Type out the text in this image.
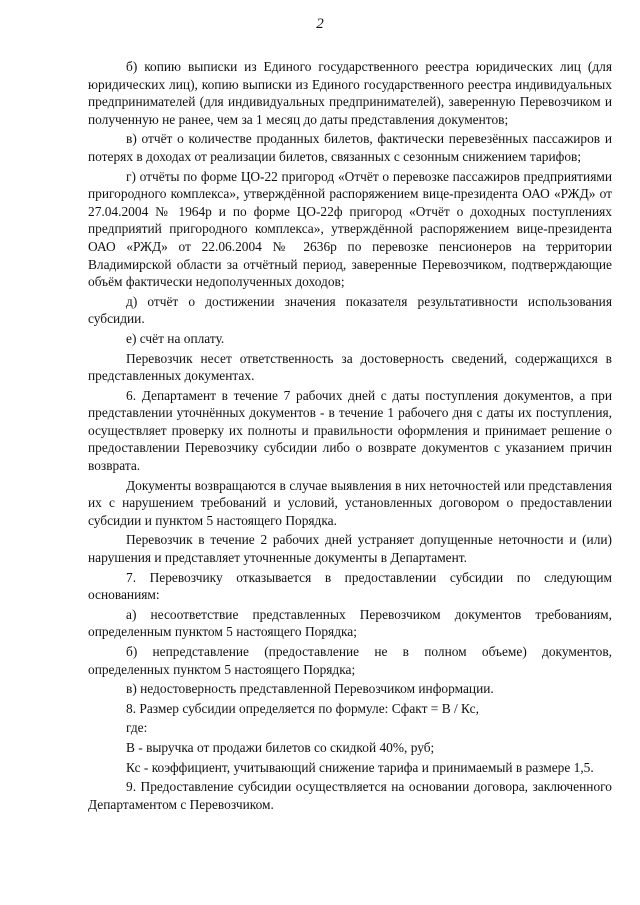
2

б) копию выписки из Единого государственного реестра юридических лиц (для юридических лиц), копию выписки из Единого государственного реестра индивидуальных предпринимателей (для индивидуальных предпринимателей), заверенную Перевозчиком и полученную не ранее, чем за 1 месяц до даты представления документов;

в) отчёт о количестве проданных билетов, фактически перевезённых пассажиров и потерях в доходах от реализации билетов, связанных с сезонным снижением тарифов;

г) отчёты по форме ЦО-22 пригород «Отчёт о перевозке пассажиров предприятиями пригородного комплекса», утверждённой распоряжением вице-президента ОАО «РЖД» от 27.04.2004 № 1964р и по форме ЦО-22ф пригород «Отчёт о доходных поступлениях предприятий пригородного комплекса», утверждённой распоряжением вице-президента ОАО «РЖД» от 22.06.2004 № 2636р по перевозке пенсионеров на территории Владимирской области за отчётный период, заверенные Перевозчиком, подтверждающие объём фактически недополученных доходов;

д) отчёт о достижении значения показателя результативности использования субсидии.

е) счёт на оплату.

Перевозчик несет ответственность за достоверность сведений, содержащихся в представленных документах.

6. Департамент в течение 7 рабочих дней с даты поступления документов, а при представлении уточнённых документов - в течение 1 рабочего дня с даты их поступления, осуществляет проверку их полноты и правильности оформления и принимает решение о предоставлении Перевозчику субсидии либо о возврате документов с указанием причин возврата.

Документы возвращаются в случае выявления в них неточностей или представления их с нарушением требований и условий, установленных договором о предоставлении субсидии и пунктом 5 настоящего Порядка.

Перевозчик в течение 2 рабочих дней устраняет допущенные неточности и (или) нарушения и представляет уточненные документы в Департамент.

7. Перевозчику отказывается в предоставлении субсидии по следующим основаниям:

а) несоответствие представленных Перевозчиком документов требованиям, определенным пунктом 5 настоящего Порядка;

б) непредставление (предоставление не в полном объеме) документов, определенных пунктом 5 настоящего Порядка;

в) недостоверность представленной Перевозчиком информации.

8. Размер субсидии определяется по формуле: Сфакт = В / Кс,

где:

В - выручка от продажи билетов со скидкой 40%, руб;

Кс - коэффициент, учитывающий снижение тарифа и принимаемый в размере 1,5.

9. Предоставление субсидии осуществляется на основании договора, заключенного Департаментом с Перевозчиком.
